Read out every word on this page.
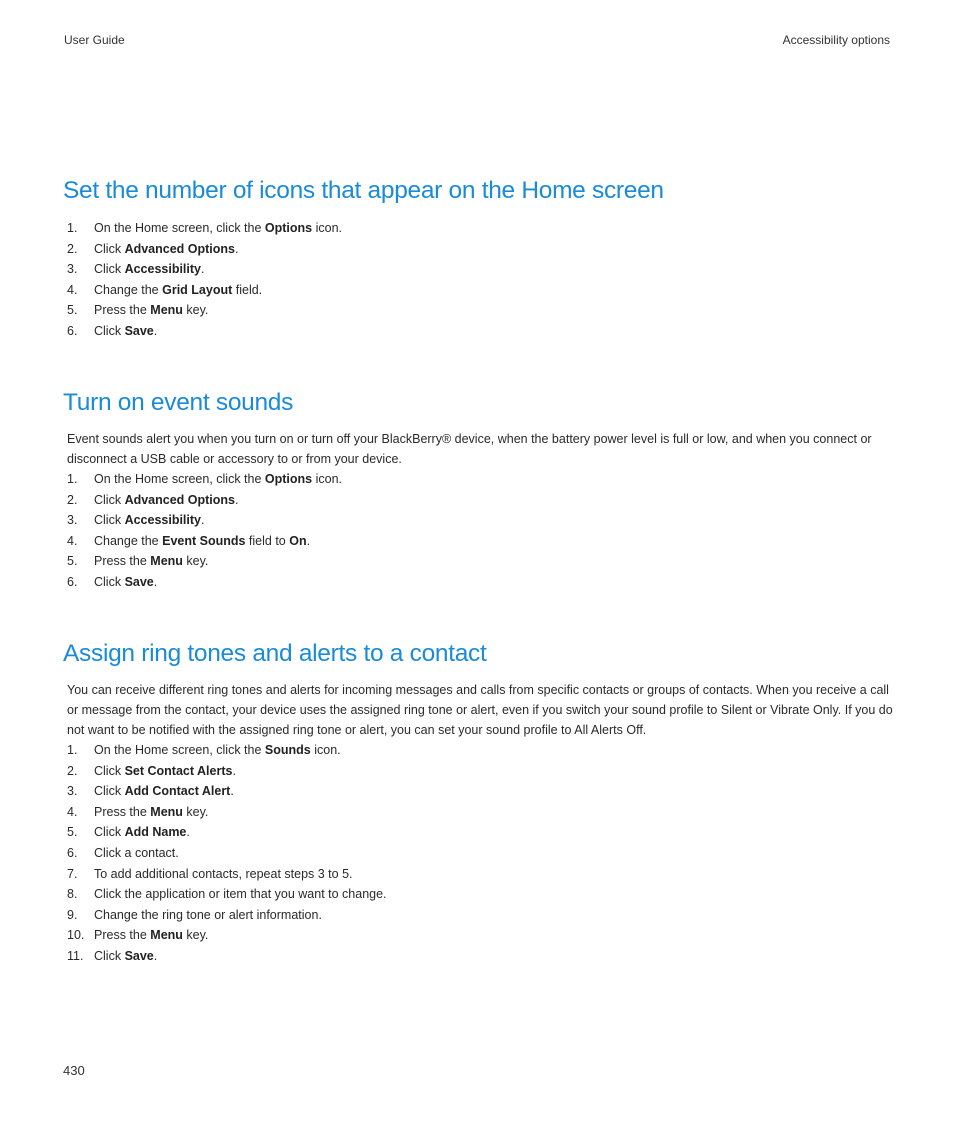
User Guide	Accessibility options
Set the number of icons that appear on the Home screen
1. On the Home screen, click the Options icon.
2. Click Advanced Options.
3. Click Accessibility.
4. Change the Grid Layout field.
5. Press the Menu key.
6. Click Save.
Turn on event sounds

Event sounds alert you when you turn on or turn off your BlackBerry® device, when the battery power level is full or low, and when you connect or disconnect a USB cable or accessory to or from your device.

1. On the Home screen, click the Options icon.
2. Click Advanced Options.
3. Click Accessibility.
4. Change the Event Sounds field to On.
5. Press the Menu key.
6. Click Save.
Assign ring tones and alerts to a contact

You can receive different ring tones and alerts for incoming messages and calls from specific contacts or groups of contacts. When you receive a call or message from the contact, your device uses the assigned ring tone or alert, even if you switch your sound profile to Silent or Vibrate Only. If you do not want to be notified with the assigned ring tone or alert, you can set your sound profile to All Alerts Off.

1. On the Home screen, click the Sounds icon.
2. Click Set Contact Alerts.
3. Click Add Contact Alert.
4. Press the Menu key.
5. Click Add Name.
6. Click a contact.
7. To add additional contacts, repeat steps 3 to 5.
8. Click the application or item that you want to change.
9. Change the ring tone or alert information.
10. Press the Menu key.
11. Click Save.
430
